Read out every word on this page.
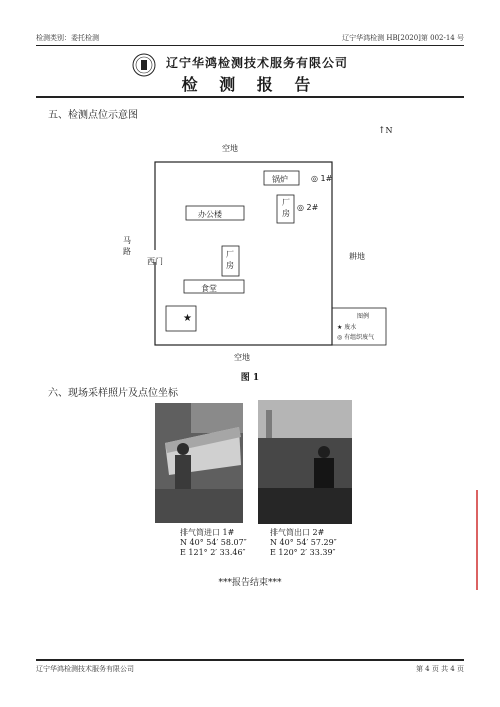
检测类别：委托检测	辽宁华鸿检测 HB[2020]第 002-14 号
辽宁华鸿检测技术服务有限公司
检 测 报 告
五、检测点位示意图
↑N
空地
空地
耕地
马路
西门
锅炉	◎ 1#
厂房
◎ 2#
办公楼
厂房
食堂
★	图例
★ 废水
◎ 有组织废气
图 1
六、现场采样照片及点位坐标
排气筒进口 1#
N 40° 54′ 58.07″
E 121° 2′ 33.46″
排气筒出口 2#
N 40° 54′ 57.29″
E 120° 2′ 33.39″
***报告结束***
辽宁华鸿检测技术服务有限公司	第 4 页 共 4 页
